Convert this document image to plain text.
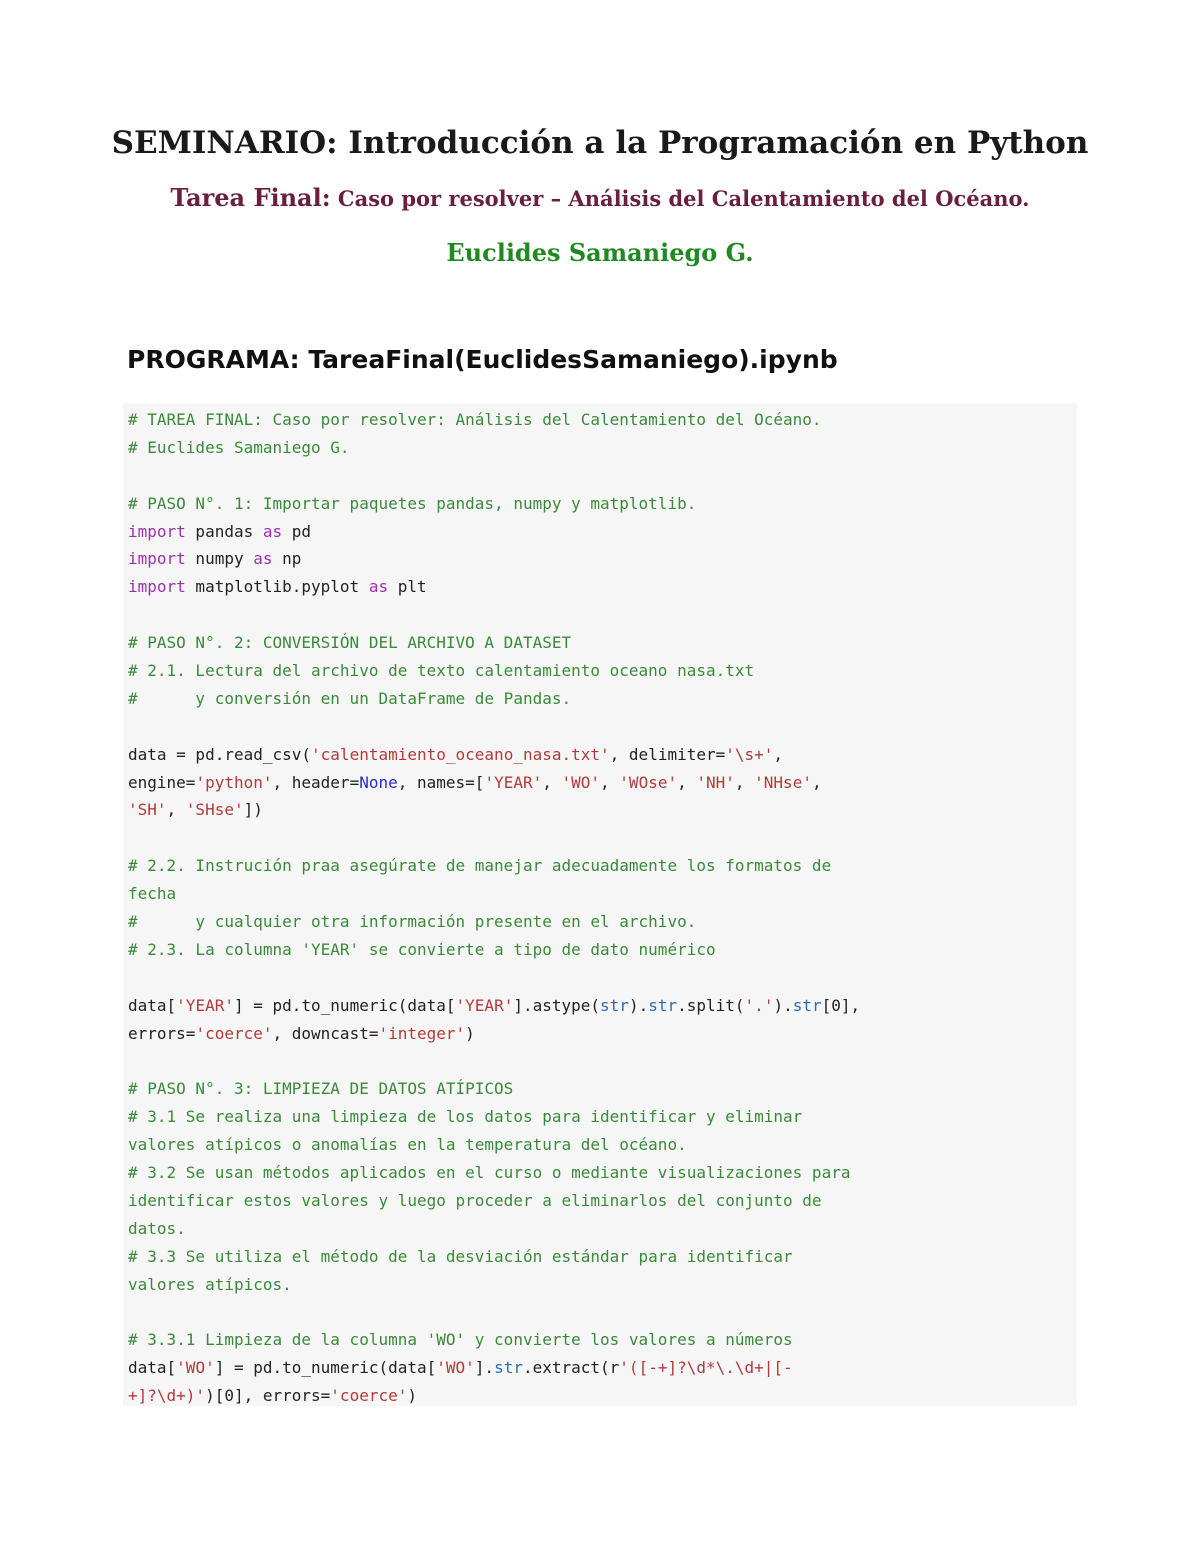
SEMINARIO: Introducción a la Programación en Python
Tarea Final: Caso por resolver – Análisis del Calentamiento del Océano.
Euclides Samaniego G.
PROGRAMA: TareaFinal(EuclidesSamaniego).ipynb
# TAREA FINAL: Caso por resolver: Análisis del Calentamiento del Océano.
# Euclides Samaniego G.
# PASO N°. 1: Importar paquetes pandas, numpy y matplotlib.
import pandas as pd
import numpy as np
import matplotlib.pyplot as plt
# PASO N°. 2: CONVERSIÓN DEL ARCHIVO A DATASET
# 2.1. Lectura del archivo de texto calentamiento oceano nasa.txt
#      y conversión en un DataFrame de Pandas.
data = pd.read_csv('calentamiento_oceano_nasa.txt', delimiter='\s+',
engine='python', header=None, names=['YEAR', 'WO', 'WOse', 'NH', 'NHse',
'SH', 'SHse'])
# 2.2. Instrución praa asegúrate de manejar adecuadamente los formatos de
fecha
#      y cualquier otra información presente en el archivo.
# 2.3. La columna 'YEAR' se convierte a tipo de dato numérico
data['YEAR'] = pd.to_numeric(data['YEAR'].astype(str).str.split('.').str[0],
errors='coerce', downcast='integer')
# PASO N°. 3: LIMPIEZA DE DATOS ATÍPICOS
# 3.1 Se realiza una limpieza de los datos para identificar y eliminar
valores atípicos o anomalías en la temperatura del océano.
# 3.2 Se usan métodos aplicados en el curso o mediante visualizaciones para
identificar estos valores y luego proceder a eliminarlos del conjunto de
datos.
# 3.3 Se utiliza el método de la desviación estándar para identificar
valores atípicos.
# 3.3.1 Limpieza de la columna 'WO' y convierte los valores a números
data['WO'] = pd.to_numeric(data['WO'].str.extract(r'([-+]?\d*\.\d+|[-
+]?\d+)')[0], errors='coerce')
